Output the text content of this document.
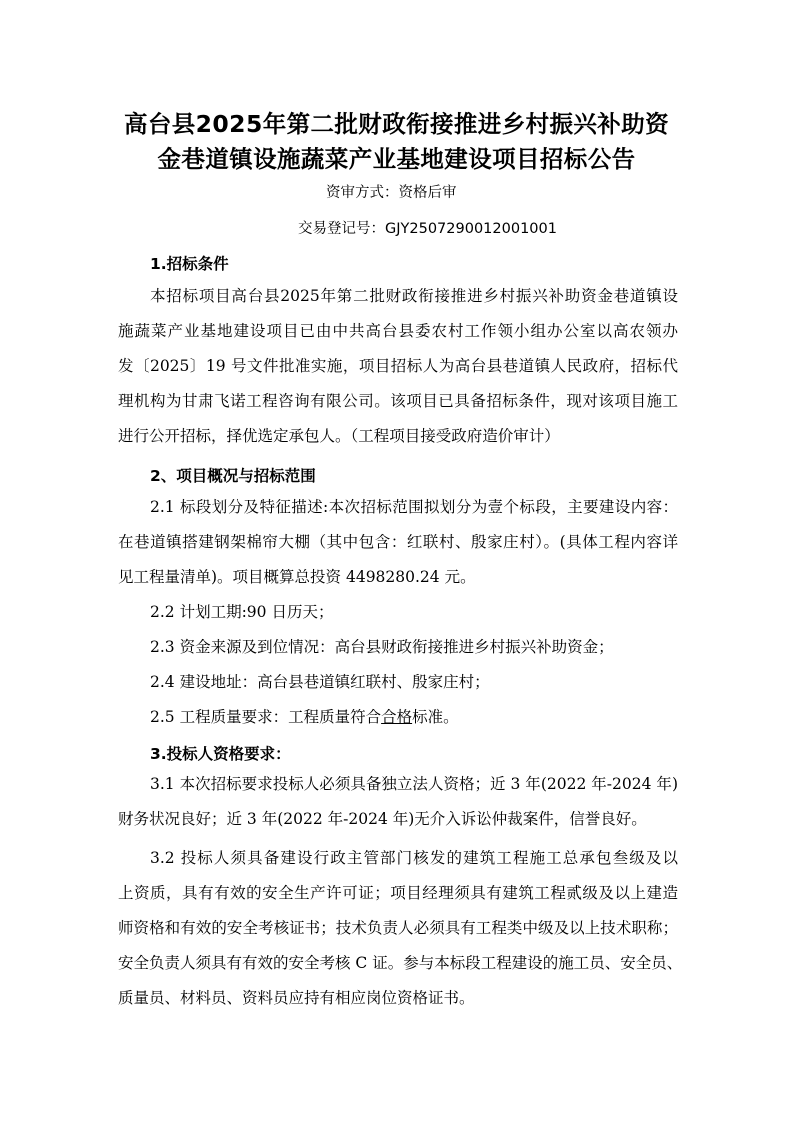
高台县2025年第二批财政衔接推进乡村振兴补助资
金巷道镇设施蔬菜产业基地建设项目招标公告
资审方式：资格后审
交易登记号：GJY2507290012001001
1.招标条件
本招标项目高台县2025年第二批财政衔接推进乡村振兴补助资金巷道镇设
施蔬菜产业基地建设项目已由中共高台县委农村工作领小组办公室以高农领办
发〔2025〕19 号文件批准实施，项目招标人为高台县巷道镇人民政府，招标代
理机构为甘肃飞诺工程咨询有限公司。该项目已具备招标条件，现对该项目施工
进行公开招标，择优选定承包人。（工程项目接受政府造价审计）
2、项目概况与招标范围
2.1 标段划分及特征描述:本次招标范围拟划分为壹个标段，主要建设内容：
在巷道镇搭建钢架棉帘大棚（其中包含：红联村、殷家庄村）。(具体工程内容详
见工程量清单)。项目概算总投资 4498280.24 元。
2.2 计划工期:90 日历天；
2.3 资金来源及到位情况：高台县财政衔接推进乡村振兴补助资金；
2.4 建设地址：高台县巷道镇红联村、殷家庄村；
2.5 工程质量要求：工程质量符合合格标准。
3.投标人资格要求：
3.1 本次招标要求投标人必须具备独立法人资格；近 3 年(2022 年-2024 年)
财务状况良好；近 3 年(2022 年-2024 年)无介入诉讼仲裁案件，信誉良好。
3.2 投标人须具备建设行政主管部门核发的建筑工程施工总承包叁级及以
上资质，具有有效的安全生产许可证；项目经理须具有建筑工程贰级及以上建造
师资格和有效的安全考核证书；技术负责人必须具有工程类中级及以上技术职称；
安全负责人须具有有效的安全考核 C 证。参与本标段工程建设的施工员、安全员、
质量员、材料员、资料员应持有相应岗位资格证书。
